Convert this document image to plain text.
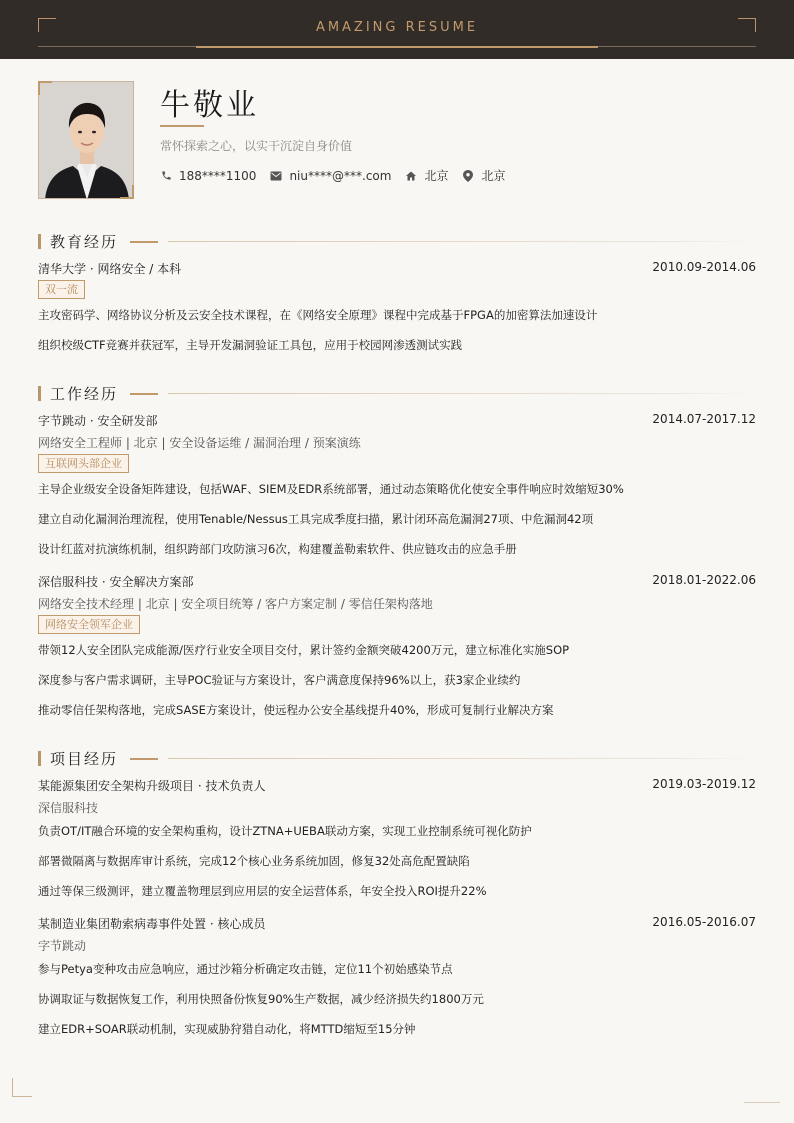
AMAZING RESUME
牛敬业
常怀探索之心，以实干沉淀自身价值
188****1100	niu****@***.com	北京	北京
教育经历
清华大学 · 网络安全 / 本科	2010.09-2014.06
双一流
主攻密码学、网络协议分析及云安全技术课程，在《网络安全原理》课程中完成基于FPGA的加密算法加速设计
组织校级CTF竞赛并获冠军，主导开发漏洞验证工具包，应用于校园网渗透测试实践
工作经历
字节跳动 · 安全研发部	2014.07-2017.12
网络安全工程师 | 北京 | 安全设备运维 / 漏洞治理 / 预案演练
互联网头部企业
主导企业级安全设备矩阵建设，包括WAF、SIEM及EDR系统部署，通过动态策略优化使安全事件响应时效缩短30%
建立自动化漏洞治理流程，使用Tenable/Nessus工具完成季度扫描，累计闭环高危漏洞27项、中危漏洞42项
设计红蓝对抗演练机制，组织跨部门攻防演习6次，构建覆盖勒索软件、供应链攻击的应急手册
深信服科技 · 安全解决方案部	2018.01-2022.06
网络安全技术经理 | 北京 | 安全项目统筹 / 客户方案定制 / 零信任架构落地
网络安全领军企业
带领12人安全团队完成能源/医疗行业安全项目交付，累计签约金额突破4200万元，建立标准化实施SOP
深度参与客户需求调研，主导POC验证与方案设计，客户满意度保持96%以上，获3家企业续约
推动零信任架构落地，完成SASE方案设计，使远程办公安全基线提升40%，形成可复制行业解决方案
项目经历
某能源集团安全架构升级项目 · 技术负责人	2019.03-2019.12
深信服科技
负责OT/IT融合环境的安全架构重构，设计ZTNA+UEBA联动方案，实现工业控制系统可视化防护
部署微隔离与数据库审计系统，完成12个核心业务系统加固，修复32处高危配置缺陷
通过等保三级测评，建立覆盖物理层到应用层的安全运营体系，年安全投入ROI提升22%
某制造业集团勒索病毒事件处置 · 核心成员	2016.05-2016.07
字节跳动
参与Petya变种攻击应急响应，通过沙箱分析确定攻击链，定位11个初始感染节点
协调取证与数据恢复工作，利用快照备份恢复90%生产数据，减少经济损失约1800万元
建立EDR+SOAR联动机制，实现威胁狩猎自动化，将MTTD缩短至15分钟
